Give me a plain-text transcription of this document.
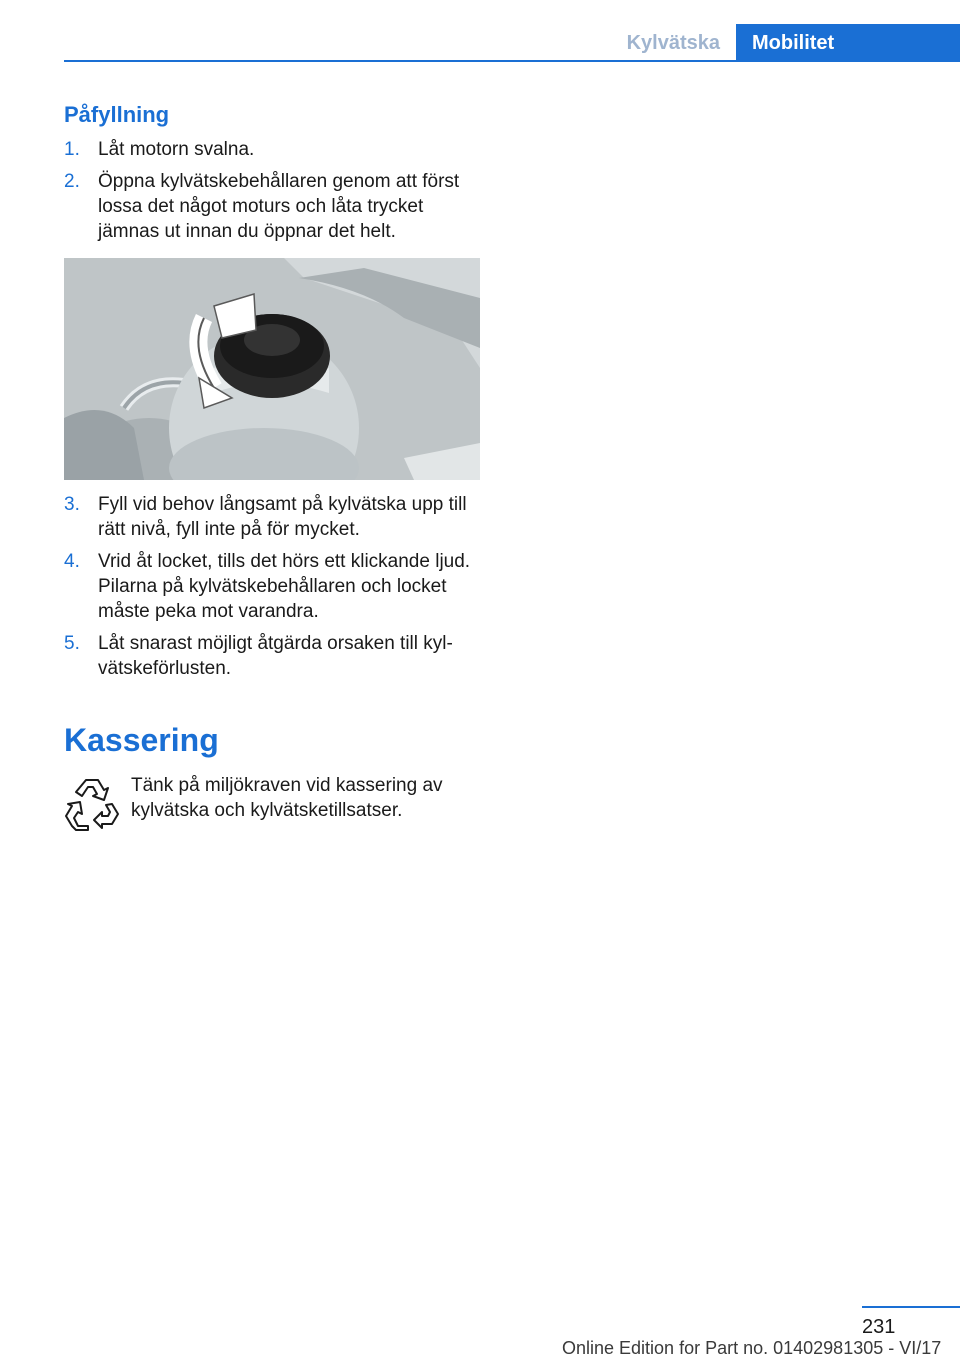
Kylvätska	Mobilitet
Påfyllning
1. Låt motorn svalna.
2. Öppna kylvätskebehållaren genom att först lossa det något moturs och låta trycket jämnas ut innan du öppnar det helt.
3. Fyll vid behov långsamt på kylvätska upp till rätt nivå, fyll inte på för mycket.
4. Vrid åt locket, tills det hörs ett klickande ljud. Pilarna på kylvätskebehållaren och locket måste peka mot varandra.
5. Låt snarast möjligt åtgärda orsaken till kyl-vätskeförlusten.
Kassering

Tänk på miljökraven vid kassering av kylvätska och kylvätsketillsatser.

231
Online Edition for Part no. 01402981305 - VI/17
